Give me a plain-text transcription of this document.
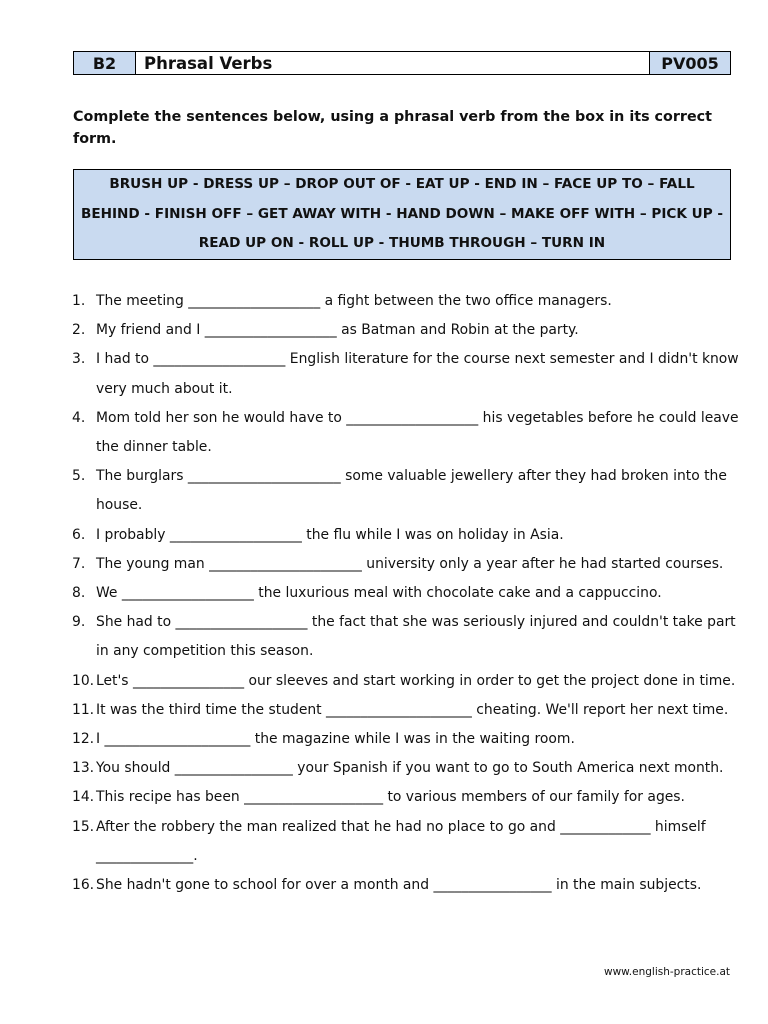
B2	Phrasal Verbs	PV005
Complete the sentences below, using a phrasal verb from the box in its correct form.
BRUSH UP - DRESS UP – DROP OUT OF - EAT UP - END IN – FACE UP TO – FALL BEHIND - FINISH OFF – GET AWAY WITH - HAND DOWN – MAKE OFF WITH – PICK UP - READ UP ON - ROLL UP - THUMB THROUGH – TURN IN
1. The meeting ___________________ a fight between the two office managers.
2. My friend and I ___________________ as Batman and Robin at the party.
3. I had to ___________________ English literature for the course next semester and I didn't know very much about it.
4. Mom told her son he would have to ___________________ his vegetables before he could leave the dinner table.
5. The burglars ______________________ some valuable jewellery after they had broken into the house.
6. I probably ___________________ the flu while I was on holiday in Asia.
7. The young man ______________________ university only a year after he had started courses.
8. We ___________________ the luxurious meal with chocolate cake and a cappuccino.
9. She had to ___________________ the fact that she was seriously injured and couldn't take part in any competition this season.
10. Let's ________________ our sleeves and start working in order to get the project done in time.
11. It was the third time the student _____________________ cheating. We'll report her next time.
12. I _____________________ the magazine while I was in the waiting room.
13. You should _________________ your Spanish if you want to go to South America next month.
14. This recipe has been ____________________ to various members of our family for ages.
15. After the robbery the man realized that he had no place to go and _____________ himself ______________.
16. She hadn't gone to school for over a month and _________________ in the main subjects.
www.english-practice.at
